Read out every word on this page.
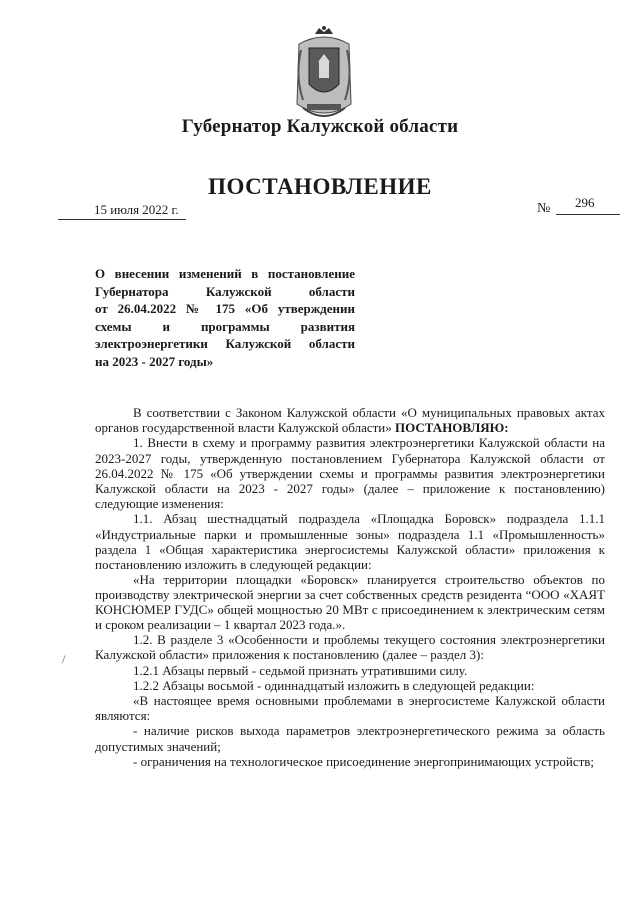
Губернатор Калужской области
ПОСТАНОВЛЕНИЕ
15 июля 2022 г.	№ 296
О внесении изменений в постановление
Губернатора Калужской области
от 26.04.2022 № 175 «Об утверждении
схемы и программы развития
электроэнергетики Калужской области
на 2023 - 2027 годы»
/

В соответствии с Законом Калужской области «О муниципальных правовых актах органов государственной власти Калужской области» ПОСТАНОВЛЯЮ:

1. Внести в схему и программу развития электроэнергетики Калужской области на 2023-2027 годы, утвержденную постановлением Губернатора Калужской области от 26.04.2022 № 175 «Об утверждении схемы и программы развития электроэнергетики Калужской области на 2023 - 2027 годы» (далее – приложение к постановлению) следующие изменения:

1.1. Абзац шестнадцатый подраздела «Площадка Боровск» подраздела 1.1.1 «Индустриальные парки и промышленные зоны» подраздела 1.1 «Промышленность» раздела 1 «Общая характеристика энергосистемы Калужской области» приложения к постановлению изложить в следующей редакции:

«На территории площадки «Боровск» планируется строительство объектов по производству электрической энергии за счет собственных средств резидента “ООО «ХАЯТ КОНСЮМЕР ГУДС» общей мощностью 20 МВт с присоединением к электрическим сетям и сроком реализации – 1 квартал 2023 года.».

1.2. В разделе 3 «Особенности и проблемы текущего состояния электроэнергетики Калужской области» приложения к постановлению (далее – раздел 3):

1.2.1 Абзацы первый - седьмой признать утратившими силу.

1.2.2 Абзацы восьмой - одиннадцатый изложить в следующей редакции:

«В настоящее время основными проблемами в энергосистеме Калужской области являются:

- наличие рисков выхода параметров электроэнергетического режима за область допустимых значений;

- ограничения на технологическое присоединение энергопринимающих устройств;
